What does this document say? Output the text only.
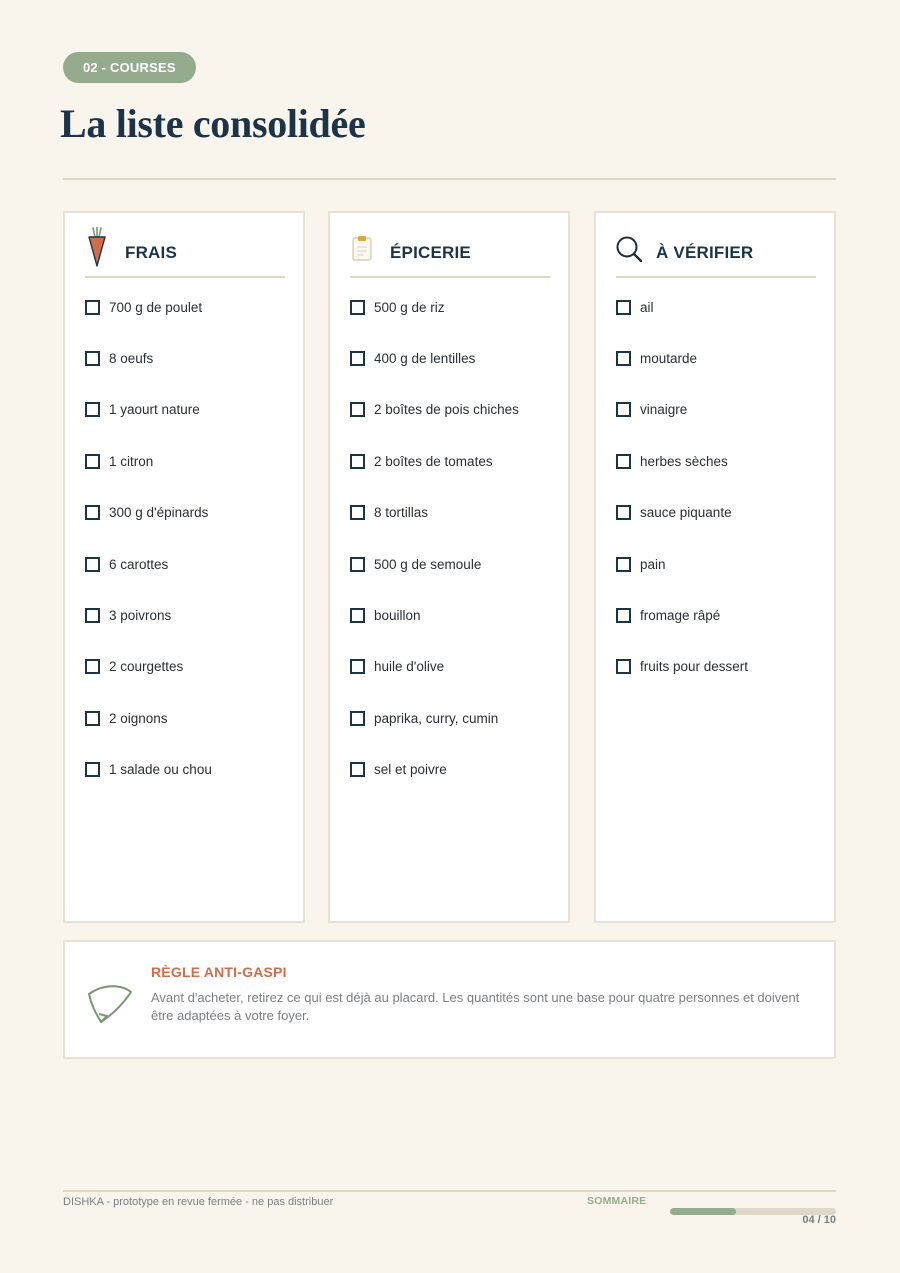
02 - COURSES
La liste consolidée
FRAIS
700 g de poulet
8 oeufs
1 yaourt nature
1 citron
300 g d'épinards
6 carottes
3 poivrons
2 courgettes
2 oignons
1 salade ou chou
ÉPICERIE
500 g de riz
400 g de lentilles
2 boîtes de pois chiches
2 boîtes de tomates
8 tortillas
500 g de semoule
bouillon
huile d'olive
paprika, curry, cumin
sel et poivre
À VÉRIFIER
ail
moutarde
vinaigre
herbes sèches
sauce piquante
pain
fromage râpé
fruits pour dessert
RÈGLE ANTI-GASPI
Avant d'acheter, retirez ce qui est déjà au placard. Les quantités sont une base pour quatre personnes et doivent être adaptées à votre foyer.
DISHKA - prototype en revue fermée - ne pas distribuer	SOMMAIRE
04 / 10
